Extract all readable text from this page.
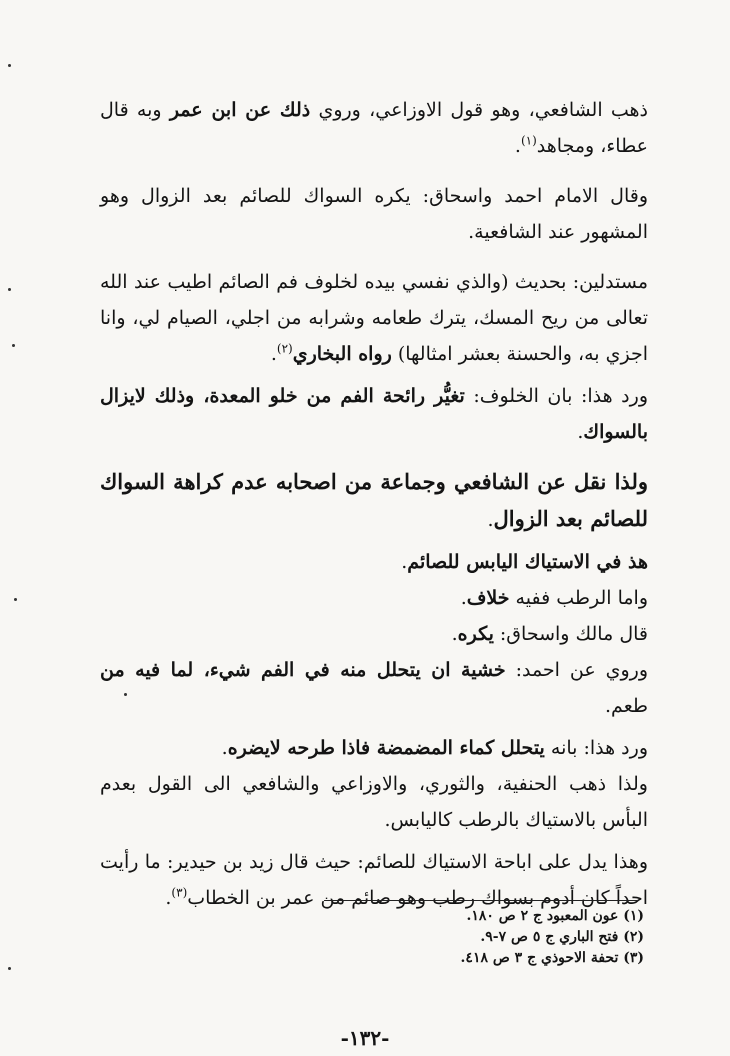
ذهب الشافعي، وهو قول الاوزاعي، وروي ذلك عن ابن عمر وبه قال عطاء، ومجاهد$^{(١)}$.

وقال الامام احمد واسحاق: يكره السواك للصائم بعد الزوال وهو المشهور عند الشافعية.

مستدلين: بحديث (والذي نفسي بيده لخلوف فم الصائم اطيب عند الله تعالى من ريح المسك، يترك طعامه وشرابه من اجلي، الصيام لي، وانا اجزي به، والحسنة بعشر امثالها) رواه البخاري$^{(٢)}$.

ورد هذا: بان الخلوف: تغيُّر رائحة الفم من خلو المعدة، وذلك لايزال بالسواك.

ولذا نقل عن الشافعي وجماعة من اصحابه عدم كراهة السواك للصائم بعد الزوال.

هذ في الاستياك اليابس للصائم.

واما الرطب ففيه خلاف.

قال مالك واسحاق: يكره.

وروي عن احمد: خشية ان يتحلل منه في الفم شيء، لما فيه من طعم.

ورد هذا: بانه يتحلل كماء المضمضة فاذا طرحه لايضره.

ولذا ذهب الحنفية، والثوري، والاوزاعي والشافعي الى القول بعدم البأس بالاستياك بالرطب كاليابس.

وهذا يدل على اباحة الاستياك للصائم: حيث قال زيد بن حيدير: ما رأيت احداً كان أدوم بسواك رطب وهو صائم من عمر بن الخطاب$^{(٣)}$.

(١) عون المعبود ج ٢ ص ١٨٠.

(٢) فتح الباري ج ٥ ص ٧-٩.

(٣) تحفة الاحوذي ج ٣ ص ٤١٨.

-١٣٢-
